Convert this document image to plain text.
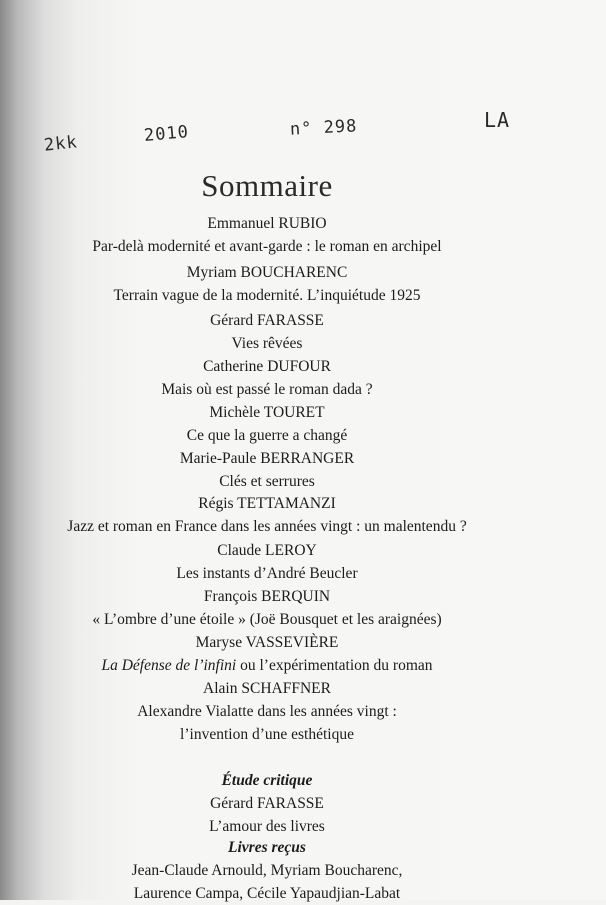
2kk	2010	n° 298	LA
Sommaire
Emmanuel RUBIO
Par-delà modernité et avant-garde : le roman en archipel
Myriam BOUCHARENC
Terrain vague de la modernité. L’inquiétude 1925
Gérard FARASSE
Vies rêvées
Catherine DUFOUR
Mais où est passé le roman dada ?
Michèle TOURET
Ce que la guerre a changé
Marie-Paule BERRANGER
Clés et serrures
Régis TETTAMANZI
Jazz et roman en France dans les années vingt : un malentendu ?
Claude LEROY
Les instants d’André Beucler
François BERQUIN
« L’ombre d’une étoile » (Joë Bousquet et les araignées)
Maryse VASSEVIÈRE
La Défense de l’infini ou l’expérimentation du roman
Alain SCHAFFNER
Alexandre Vialatte dans les années vingt :
l’invention d’une esthétique
Étude critique
Gérard FARASSE
L’amour des livres
Livres reçus
Jean-Claude Arnould, Myriam Boucharenc,
Laurence Campa, Cécile Yapaudjian-Labat
